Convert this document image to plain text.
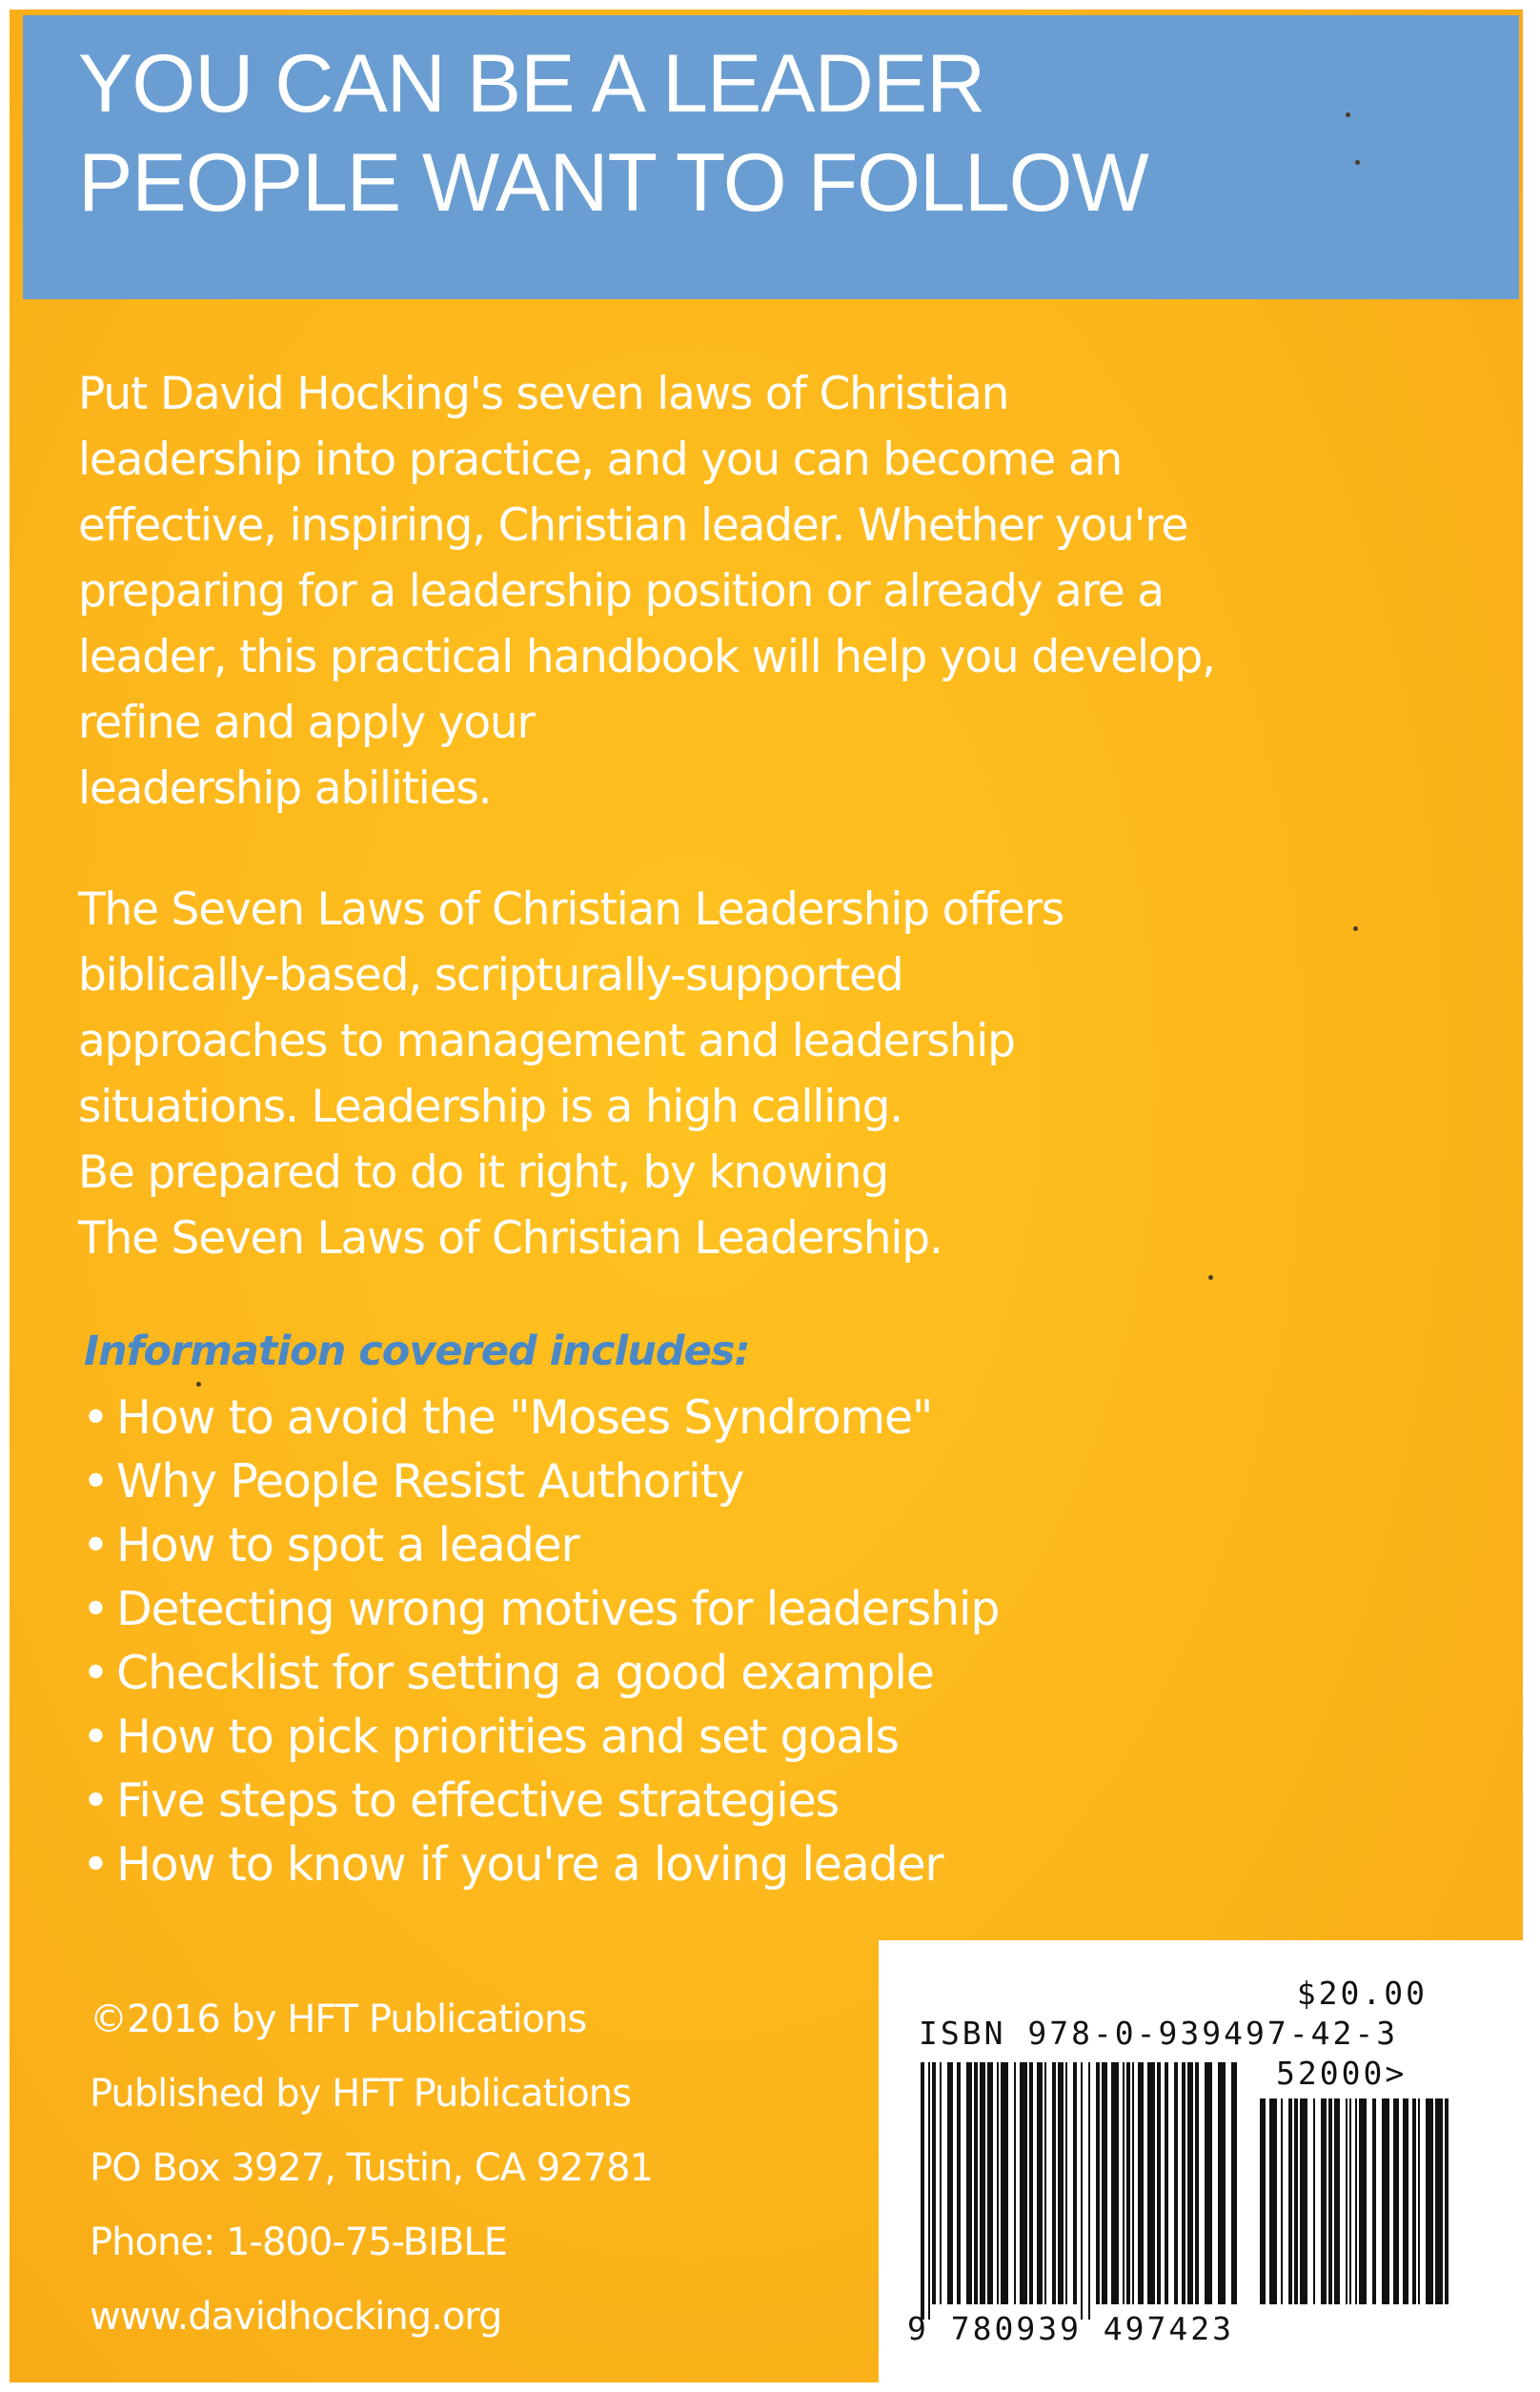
YOU CAN BE A LEADER
PEOPLE WANT TO FOLLOW

Put David Hocking's seven laws of Christian
leadership into practice, and you can become an
effective, inspiring, Christian leader. Whether you're
preparing for a leadership position or already are a
leader, this practical handbook will help you develop,
refine and apply your
leadership abilities.

The Seven Laws of Christian Leadership offers
biblically-based, scripturally-supported
approaches to management and leadership
situations. Leadership is a high calling.
Be prepared to do it right, by knowing
The Seven Laws of Christian Leadership.

Information covered includes:
• How to avoid the "Moses Syndrome"
• Why People Resist Authority
• How to spot a leader
• Detecting wrong motives for leadership
• Checklist for setting a good example
• How to pick priorities and set goals
• Five steps to effective strategies
• How to know if you're a loving leader
©2016 by HFT Publications
Published by HFT Publications
PO Box 3927, Tustin, CA 92781
Phone: 1-800-75-BIBLE
www.davidhocking.org
$20.00
ISBN 978-0-939497-42-3
52000>
9 780939 497423
